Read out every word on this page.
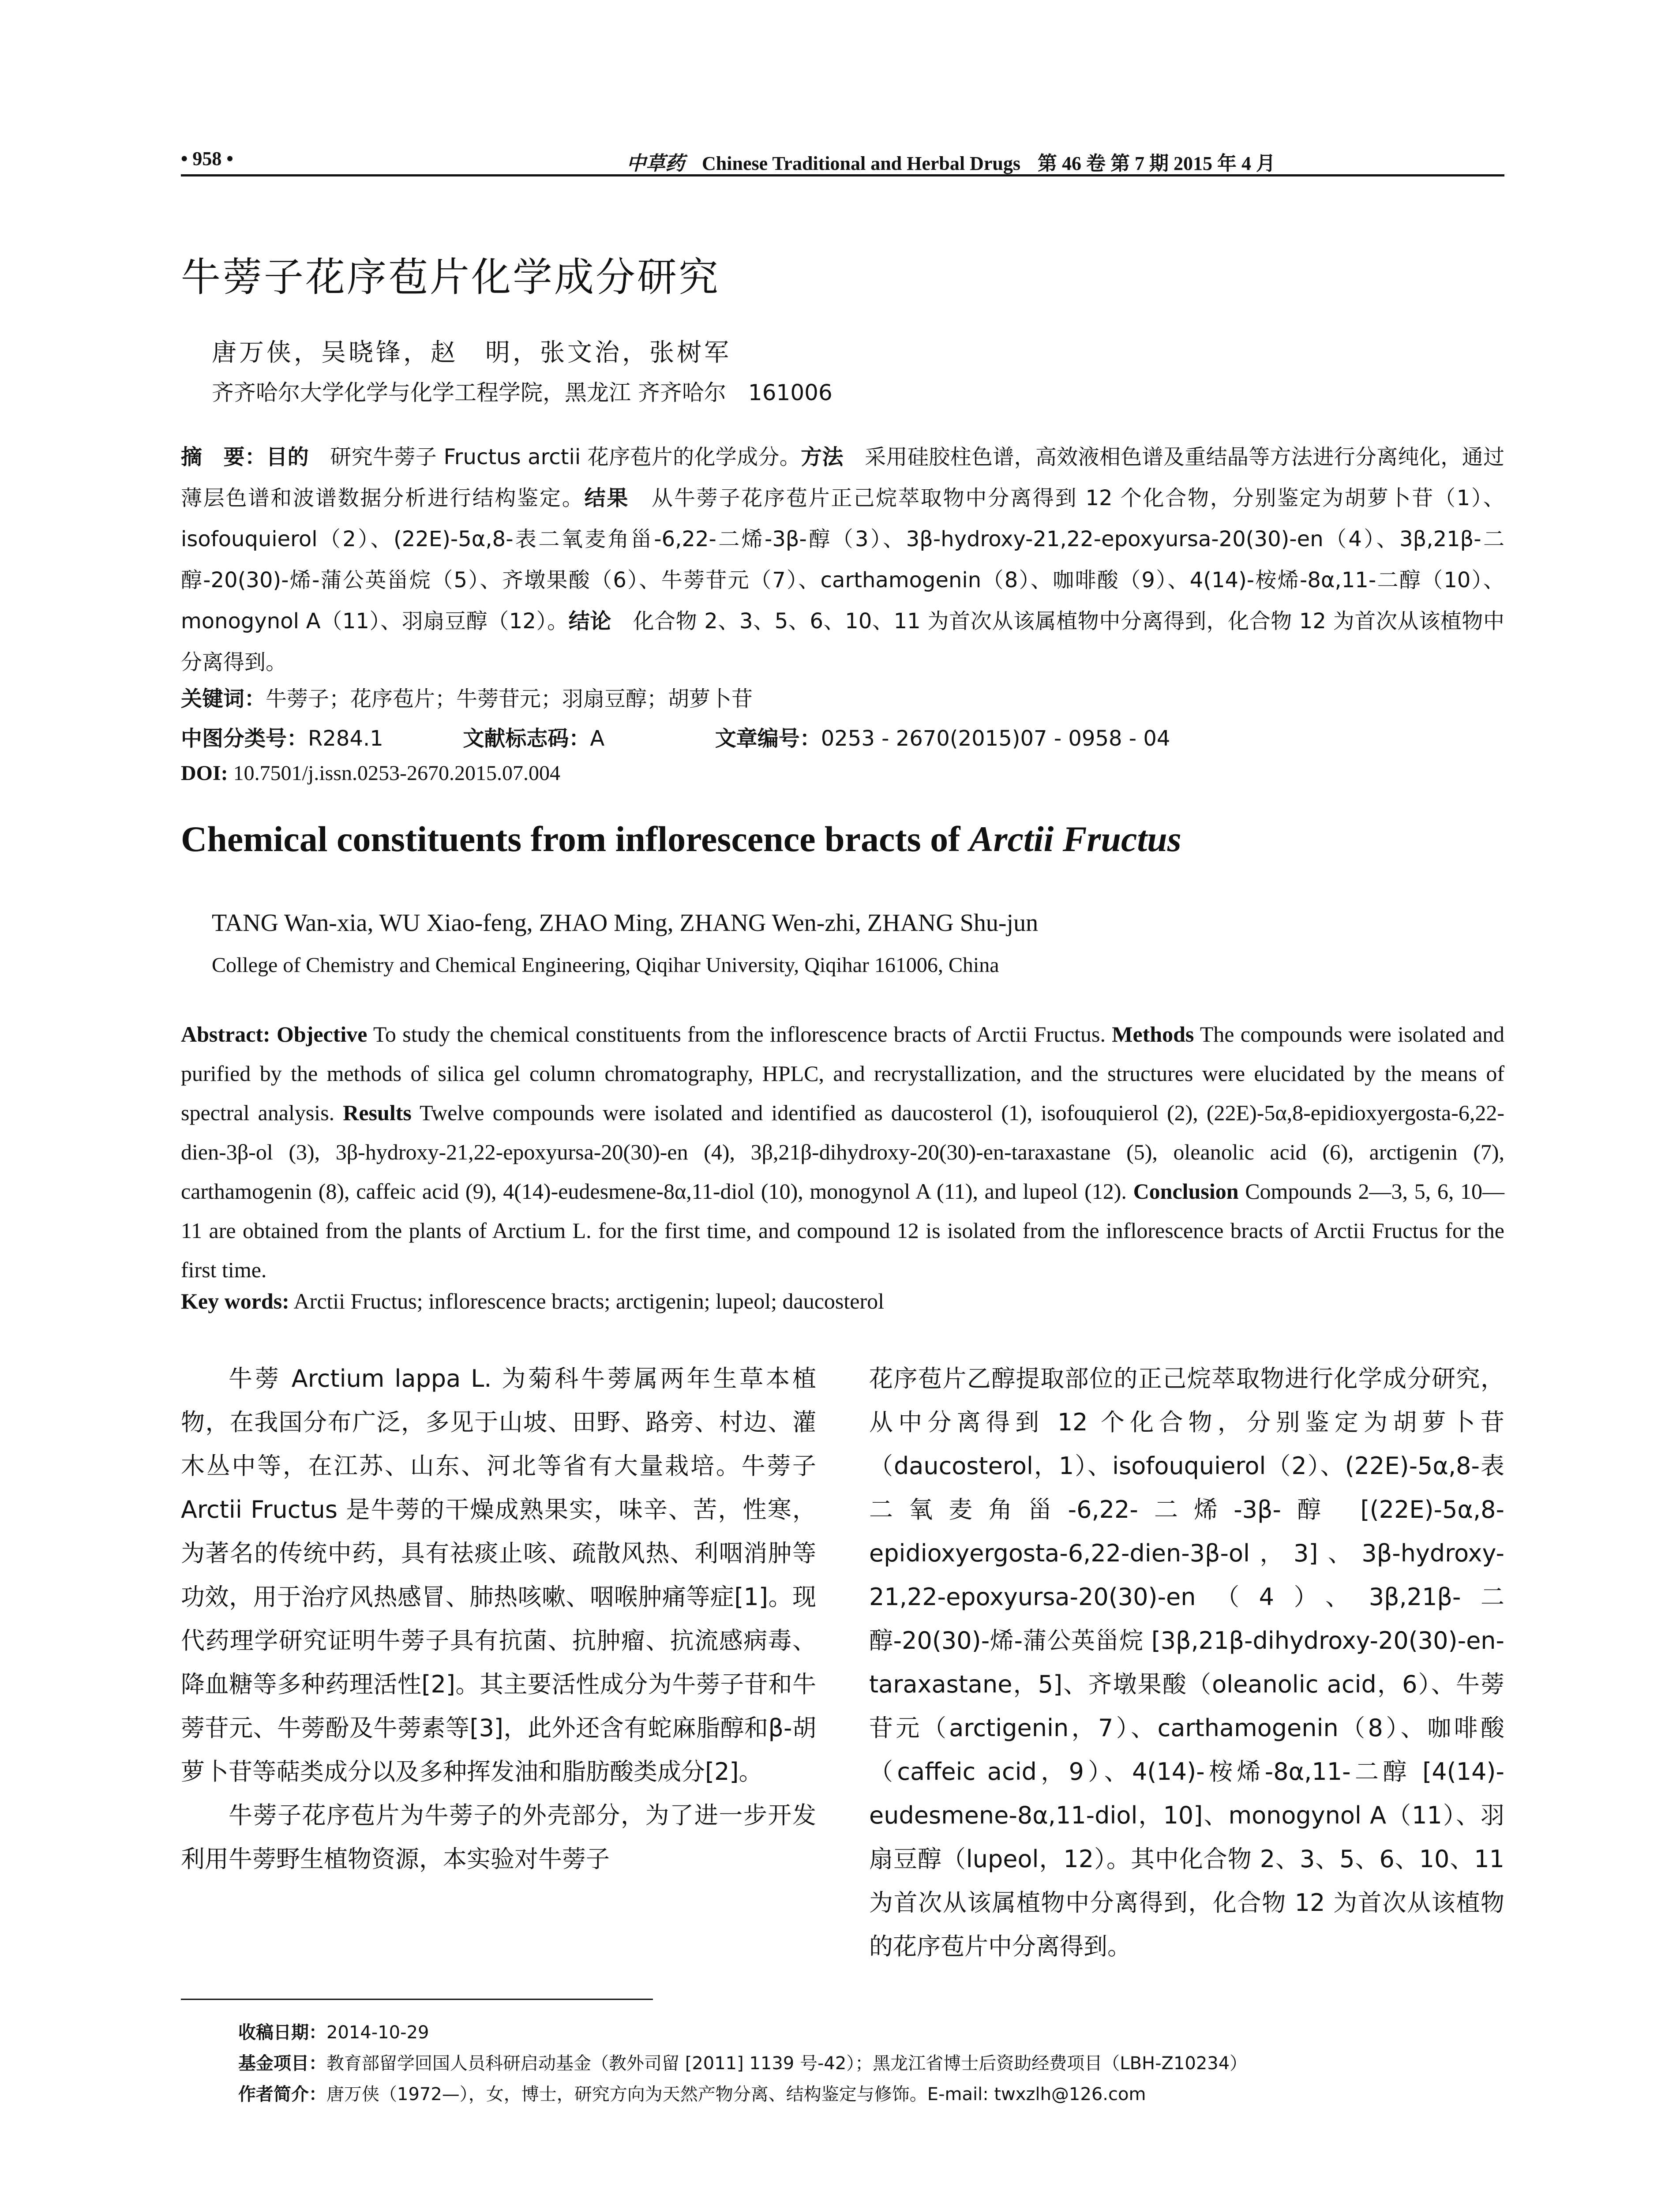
• 958 •	中草药 Chinese Traditional and Herbal Drugs 第 46 卷 第 7 期 2015 年 4 月
牛蒡子花序苞片化学成分研究
唐万侠，吴晓锋，赵　明，张文治，张树军
齐齐哈尔大学化学与化学工程学院，黑龙江 齐齐哈尔　161006
摘　要：目的　研究牛蒡子 Fructus arctii 花序苞片的化学成分。方法　采用硅胶柱色谱，高效液相色谱及重结晶等方法进行分离纯化，通过薄层色谱和波谱数据分析进行结构鉴定。结果　从牛蒡子花序苞片正己烷萃取物中分离得到 12 个化合物，分别鉴定为胡萝卜苷（1）、isofouquierol（2）、(22E)-5α,8-表二氧麦角甾-6,22-二烯-3β-醇（3）、3β-hydroxy-21,22-epoxyursa-20(30)-en（4）、3β,21β-二醇-20(30)-烯-蒲公英甾烷（5）、齐墩果酸（6）、牛蒡苷元（7）、carthamogenin（8）、咖啡酸（9）、4(14)-桉烯-8α,11-二醇（10）、monogynol A（11）、羽扇豆醇（12）。结论　化合物 2、3、5、6、10、11 为首次从该属植物中分离得到，化合物 12 为首次从该植物中分离得到。
关键词：牛蒡子；花序苞片；牛蒡苷元；羽扇豆醇；胡萝卜苷
中图分类号：R284.1	文献标志码：A	文章编号：0253 - 2670(2015)07 - 0958 - 04
DOI: 10.7501/j.issn.0253-2670.2015.07.004
Chemical constituents from inflorescence bracts of Arctii Fructus
TANG Wan-xia, WU Xiao-feng, ZHAO Ming, ZHANG Wen-zhi, ZHANG Shu-jun
College of Chemistry and Chemical Engineering, Qiqihar University, Qiqihar 161006, China
Abstract: Objective To study the chemical constituents from the inflorescence bracts of Arctii Fructus. Methods The compounds were isolated and purified by the methods of silica gel column chromatography, HPLC, and recrystallization, and the structures were elucidated by the means of spectral analysis. Results Twelve compounds were isolated and identified as daucosterol (1), isofouquierol (2), (22E)-5α,8-epidioxyergosta-6,22-dien-3β-ol (3), 3β-hydroxy-21,22-epoxyursa-20(30)-en (4), 3β,21β-dihydroxy-20(30)-en-taraxastane (5), oleanolic acid (6), arctigenin (7), carthamogenin (8), caffeic acid (9), 4(14)-eudesmene-8α,11-diol (10), monogynol A (11), and lupeol (12). Conclusion Compounds 2—3, 5, 6, 10—11 are obtained from the plants of Arctium L. for the first time, and compound 12 is isolated from the inflorescence bracts of Arctii Fructus for the first time.
Key words: Arctii Fructus; inflorescence bracts; arctigenin; lupeol; daucosterol

牛蒡 Arctium lappa L. 为菊科牛蒡属两年生草本植物，在我国分布广泛，多见于山坡、田野、路旁、村边、灌木丛中等，在江苏、山东、河北等省有大量栽培。牛蒡子 Arctii Fructus 是牛蒡的干燥成熟果实，味辛、苦，性寒，为著名的传统中药，具有祛痰止咳、疏散风热、利咽消肿等功效，用于治疗风热感冒、肺热咳嗽、咽喉肿痛等症[1]。现代药理学研究证明牛蒡子具有抗菌、抗肿瘤、抗流感病毒、降血糖等多种药理活性[2]。其主要活性成分为牛蒡子苷和牛蒡苷元、牛蒡酚及牛蒡素等[3]，此外还含有蛇麻脂醇和β-胡萝卜苷等萜类成分以及多种挥发油和脂肪酸类成分[2]。

牛蒡子花序苞片为牛蒡子的外壳部分，为了进一步开发利用牛蒡野生植物资源，本实验对牛蒡子

花序苞片乙醇提取部位的正己烷萃取物进行化学成分研究，从中分离得到 12 个化合物，分别鉴定为胡萝卜苷（daucosterol，1）、isofouquierol（2）、(22E)-5α,8-表二氧麦角甾-6,22-二烯-3β-醇 [(22E)-5α,8-epidioxyergosta-6,22-dien-3β-ol，3]、3β-hydroxy-21,22-epoxyursa-20(30)-en（4）、3β,21β-二醇-20(30)-烯-蒲公英甾烷 [3β,21β-dihydroxy-20(30)-en-taraxastane，5]、齐墩果酸（oleanolic acid，6）、牛蒡苷元（arctigenin，7）、carthamogenin（8）、咖啡酸（caffeic acid，9）、4(14)-桉烯-8α,11-二醇 [4(14)-eudesmene-8α,11-diol，10]、monogynol A（11）、羽扇豆醇（lupeol，12）。其中化合物 2、3、5、6、10、11 为首次从该属植物中分离得到，化合物 12 为首次从该植物的花序苞片中分离得到。

收稿日期：2014-10-29
基金项目：教育部留学回国人员科研启动基金（教外司留 [2011] 1139 号-42）；黑龙江省博士后资助经费项目（LBH-Z10234）
作者简介：唐万侠（1972—），女，博士，研究方向为天然产物分离、结构鉴定与修饰。E-mail: twxzlh@126.com
